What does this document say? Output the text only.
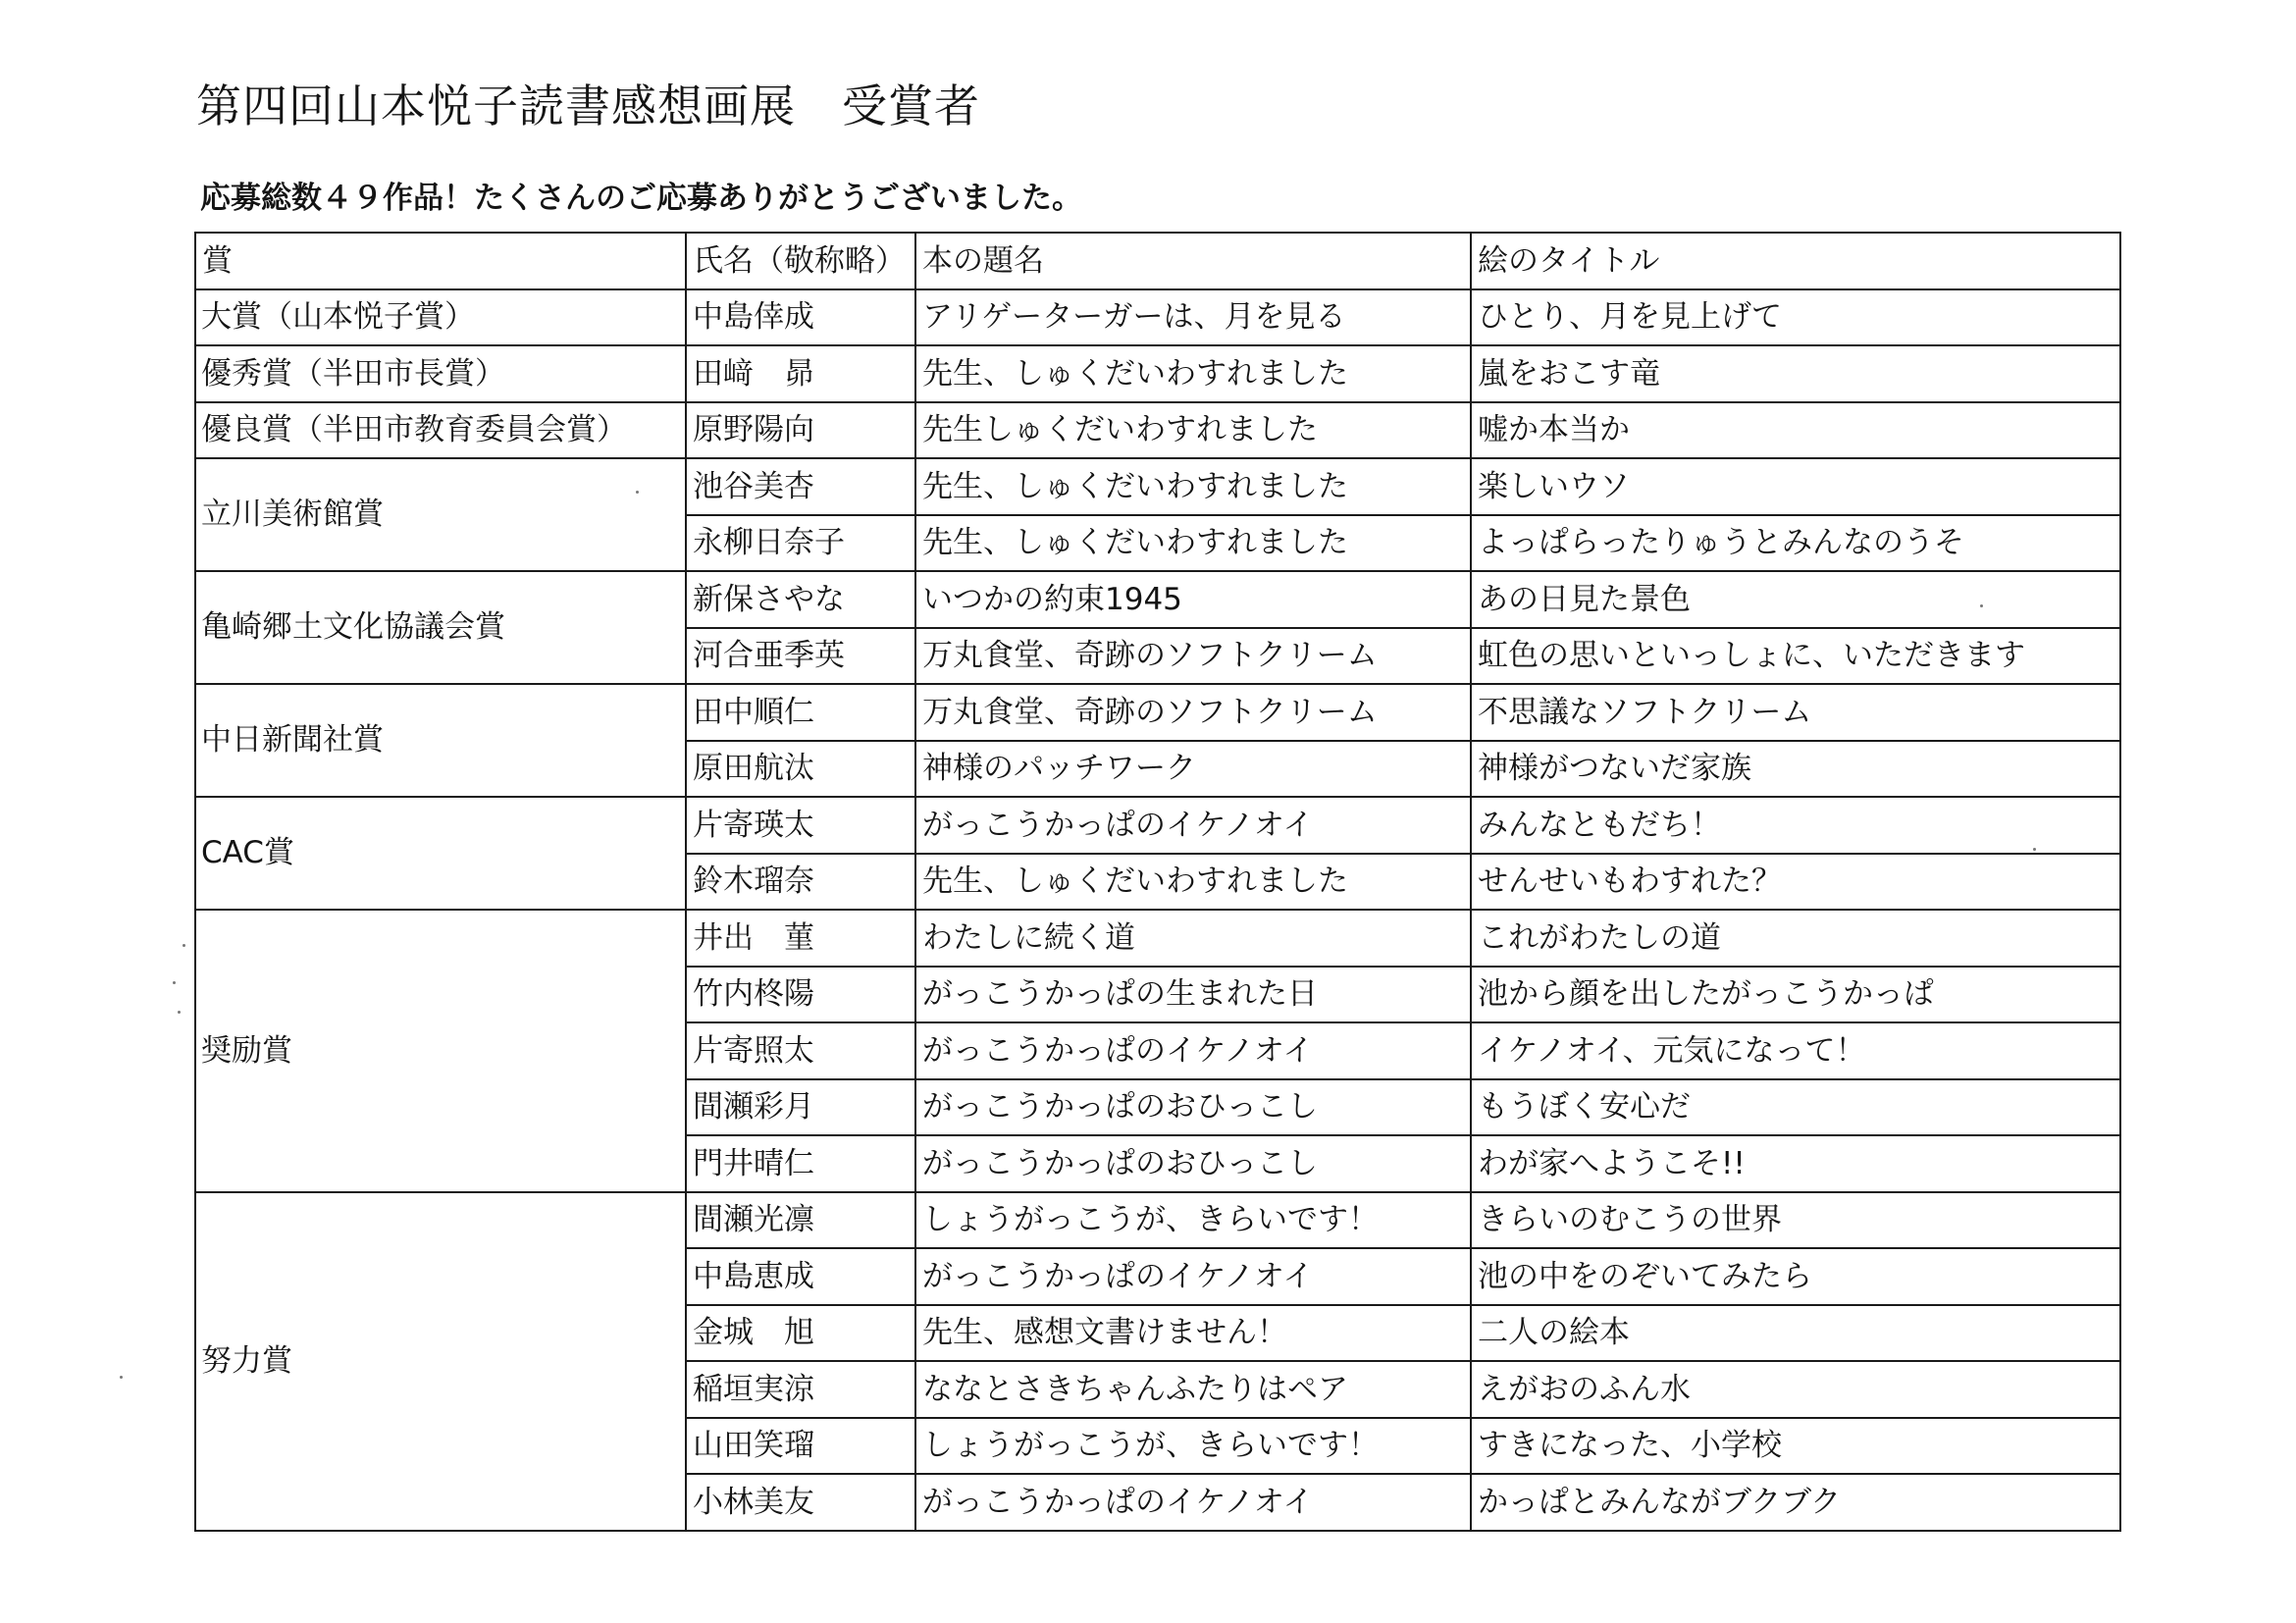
第四回山本悦子読書感想画展　受賞者

応募総数４９作品！たくさんのご応募ありがとうございました。

賞	氏名（敬称略）	本の題名	絵のタイトル
大賞（山本悦子賞）	中島倖成	アリゲーターガーは、月を見る	ひとり、月を見上げて
優秀賞（半田市長賞）	田﨑　昴	先生、しゅくだいわすれました	嵐をおこす竜
優良賞（半田市教育委員会賞）	原野陽向	先生しゅくだいわすれました	嘘か本当か
立川美術館賞	池谷美杏	先生、しゅくだいわすれました	楽しいウソ
	永柳日奈子	先生、しゅくだいわすれました	よっぱらったりゅうとみんなのうそ
亀崎郷土文化協議会賞	新保さやな	いつかの約束1945	あの日見た景色
	河合亜季英	万丸食堂、奇跡のソフトクリーム	虹色の思いといっしょに、いただきます
中日新聞社賞	田中順仁	万丸食堂、奇跡のソフトクリーム	不思議なソフトクリーム
	原田航汰	神様のパッチワーク	神様がつないだ家族
CAC賞	片寄瑛太	がっこうかっぱのイケノオイ	みんなともだち！
	鈴木瑠奈	先生、しゅくだいわすれました	せんせいもわすれた？
奨励賞	井出　菫	わたしに続く道	これがわたしの道
	竹内柊陽	がっこうかっぱの生まれた日	池から顔を出したがっこうかっぱ
	片寄照太	がっこうかっぱのイケノオイ	イケノオイ、元気になって！
	間瀬彩月	がっこうかっぱのおひっこし	もうぼく安心だ
	門井晴仁	がっこうかっぱのおひっこし	わが家へようこそ!!
努力賞	間瀬光凛	しょうがっこうが、きらいです！	きらいのむこうの世界
	中島恵成	がっこうかっぱのイケノオイ	池の中をのぞいてみたら
	金城　旭	先生、感想文書けません！	二人の絵本
	稲垣実涼	ななとさきちゃんふたりはペア	えがおのふん水
	山田笑瑠	しょうがっこうが、きらいです！	すきになった、小学校
	小林美友	がっこうかっぱのイケノオイ	かっぱとみんながブクブク
